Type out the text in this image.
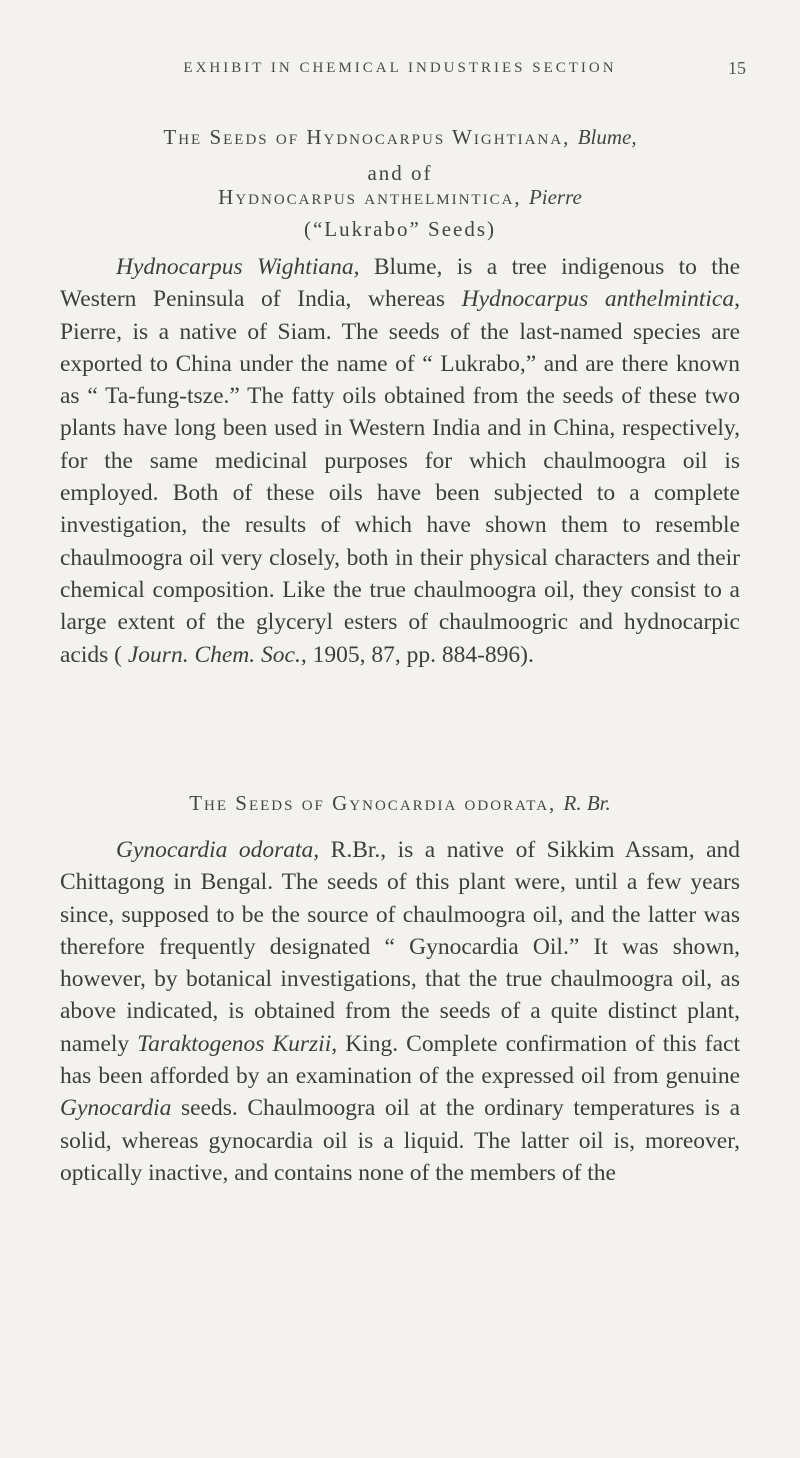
EXHIBIT IN CHEMICAL INDUSTRIES SECTION	15
The Seeds of Hydnocarpus Wightiana, Blume,
and of
Hydnocarpus anthelmintica, Pierre
(“Lukrabo” Seeds)

Hydnocarpus Wightiana, Blume, is a tree indigenous to the Western Peninsula of India, whereas Hydnocarpus anthelmintica, Pierre, is a native of Siam. The seeds of the last-named species are exported to China under the name of “ Lukrabo,” and are there known as “ Ta-fung-tsze.” The fatty oils obtained from the seeds of these two plants have long been used in Western India and in China, respectively, for the same medicinal purposes for which chaulmoogra oil is employed. Both of these oils have been subjected to a complete investigation, the results of which have shown them to resemble chaulmoogra oil very closely, both in their physical characters and their chemical composition. Like the true chaulmoogra oil, they consist to a large extent of the glyceryl esters of chaulmoogric and hydnocarpic acids ( Journ. Chem. Soc., 1905, 87, pp. 884-896).

The Seeds of Gynocardia odorata, R. Br.

Gynocardia odorata, R.Br., is a native of Sikkim Assam, and Chittagong in Bengal. The seeds of this plant were, until a few years since, supposed to be the source of chaulmoogra oil, and the latter was therefore frequently designated “ Gynocardia Oil.” It was shown, however, by botanical investigations, that the true chaulmoogra oil, as above indicated, is obtained from the seeds of a quite distinct plant, namely Taraktogenos Kurzii, King. Complete confirmation of this fact has been afforded by an examination of the expressed oil from genuine Gynocardia seeds. Chaulmoogra oil at the ordinary temperatures is a solid, whereas gynocardia oil is a liquid. The latter oil is, moreover, optically inactive, and contains none of the members of the
